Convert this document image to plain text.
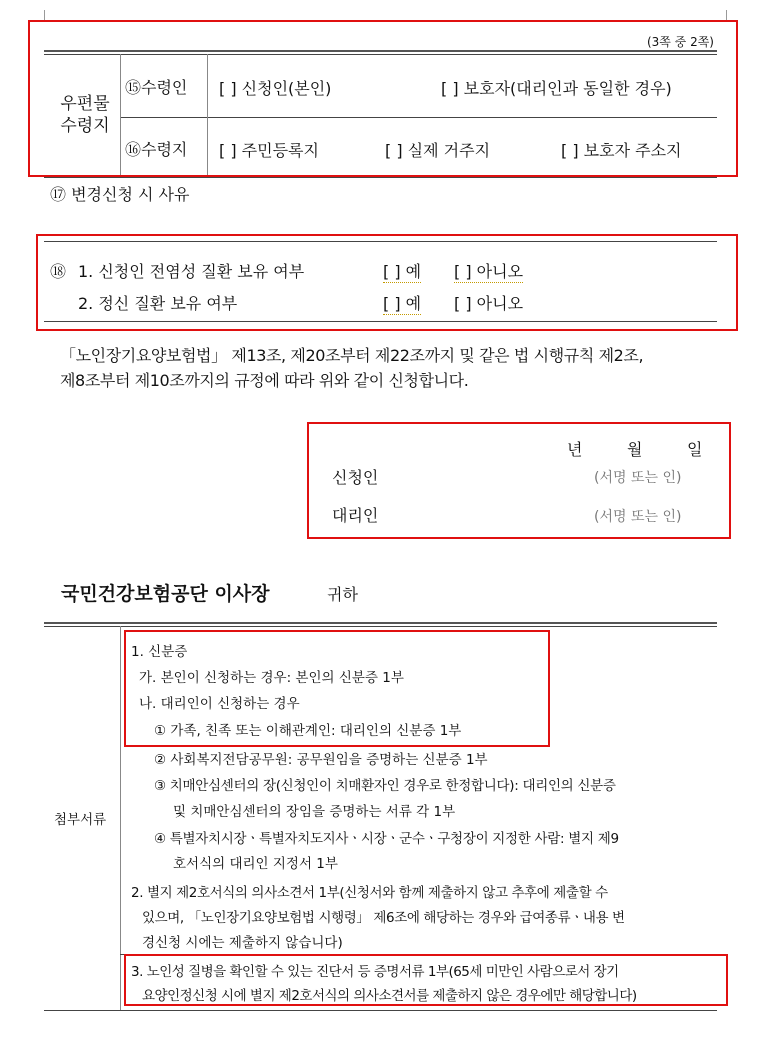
(3쪽 중 2쪽)
우편물
수령지
⑮수령인 [ ] 신청인(본인)	[ ] 보호자(대리인과 동일한 경우)
⑯수령지 [ ] 주민등록지	[ ] 실제 거주지	[ ] 보호자 주소지
⑰ 변경신청 시 사유
⑱ 1. 신청인 전염성 질환 보유 여부	[ ] 예 [ ] 아니오
2. 정신 질환 보유 여부	[ ] 예 [ ] 아니오
「노인장기요양보험법」 제13조, 제20조부터 제22조까지 및 같은 법 시행규칙 제2조,
제8조부터 제10조까지의 규정에 따라 위와 같이 신청합니다.
년	월	일
신청인	(서명 또는 인)
대리인	(서명 또는 인)
국민건강보험공단 이사장	귀하
첨부서류
1. 신분증
가. 본인이 신청하는 경우: 본인의 신분증 1부
나. 대리인이 신청하는 경우
① 가족, 친족 또는 이해관계인: 대리인의 신분증 1부
② 사회복지전담공무원: 공무원임을 증명하는 신분증 1부
③ 치매안심센터의 장(신청인이 치매환자인 경우로 한정합니다): 대리인의 신분증
및 치매안심센터의 장임을 증명하는 서류 각 1부
④ 특별자치시장ㆍ특별자치도지사ㆍ시장ㆍ군수ㆍ구청장이 지정한 사람: 별지 제9
호서식의 대리인 지정서 1부
2. 별지 제2호서식의 의사소견서 1부(신청서와 함께 제출하지 않고 추후에 제출할 수
있으며, 「노인장기요양보험법 시행령」 제6조에 해당하는 경우와 급여종류ㆍ내용 변
경신청 시에는 제출하지 않습니다)
3. 노인성 질병을 확인할 수 있는 진단서 등 증명서류 1부(65세 미만인 사람으로서 장기
요양인정신청 시에 별지 제2호서식의 의사소견서를 제출하지 않은 경우에만 해당합니다)
